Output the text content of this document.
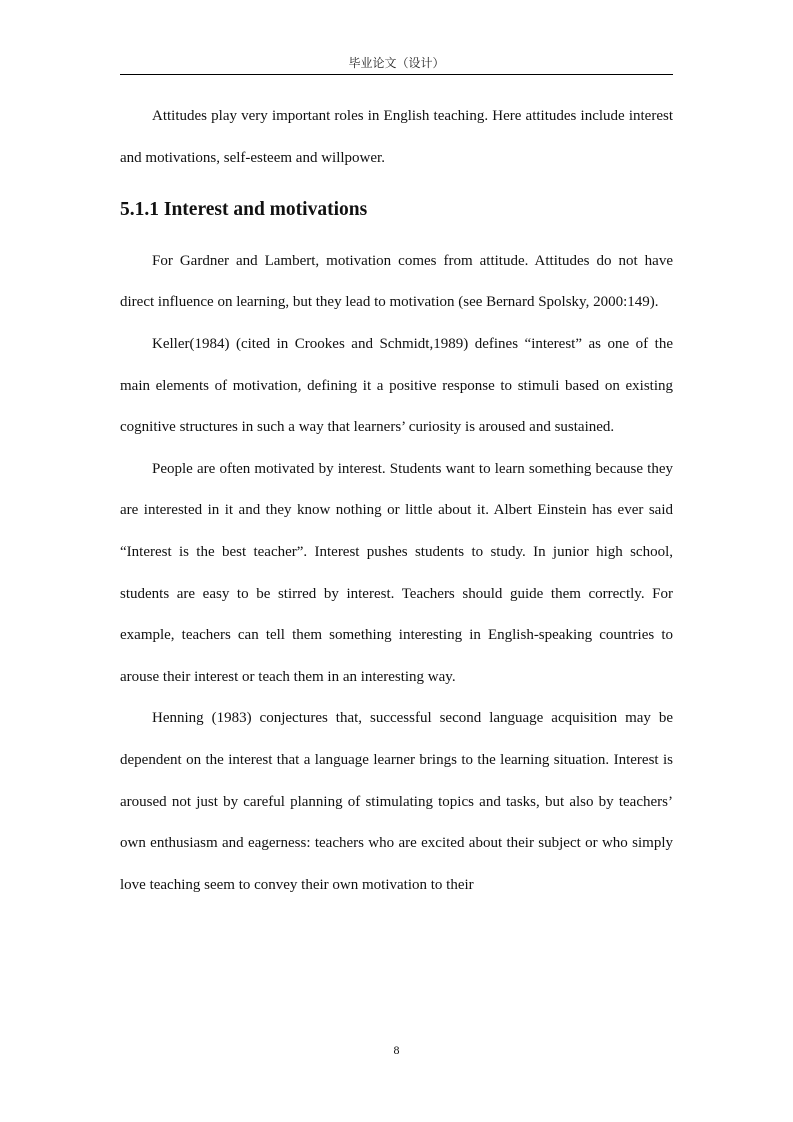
毕业论文（设计）

Attitudes play very important roles in English teaching. Here attitudes include interest and motivations, self-esteem and willpower.

5.1.1 Interest and motivations

For Gardner and Lambert, motivation comes from attitude. Attitudes do not have direct influence on learning, but they lead to motivation (see Bernard Spolsky, 2000:149).

Keller(1984) (cited in Crookes and Schmidt,1989) defines “interest” as one of the main elements of motivation, defining it a positive response to stimuli based on existing cognitive structures in such a way that learners’ curiosity is aroused and sustained.

People are often motivated by interest. Students want to learn something because they are interested in it and they know nothing or little about it. Albert Einstein has ever said “Interest is the best teacher”. Interest pushes students to study. In junior high school, students are easy to be stirred by interest. Teachers should guide them correctly. For example, teachers can tell them something interesting in English-speaking countries to arouse their interest or teach them in an interesting way.

Henning (1983) conjectures that, successful second language acquisition may be dependent on the interest that a language learner brings to the learning situation. Interest is aroused not just by careful planning of stimulating topics and tasks, but also by teachers’ own enthusiasm and eagerness: teachers who are excited about their subject or who simply love teaching seem to convey their own motivation to their

8
